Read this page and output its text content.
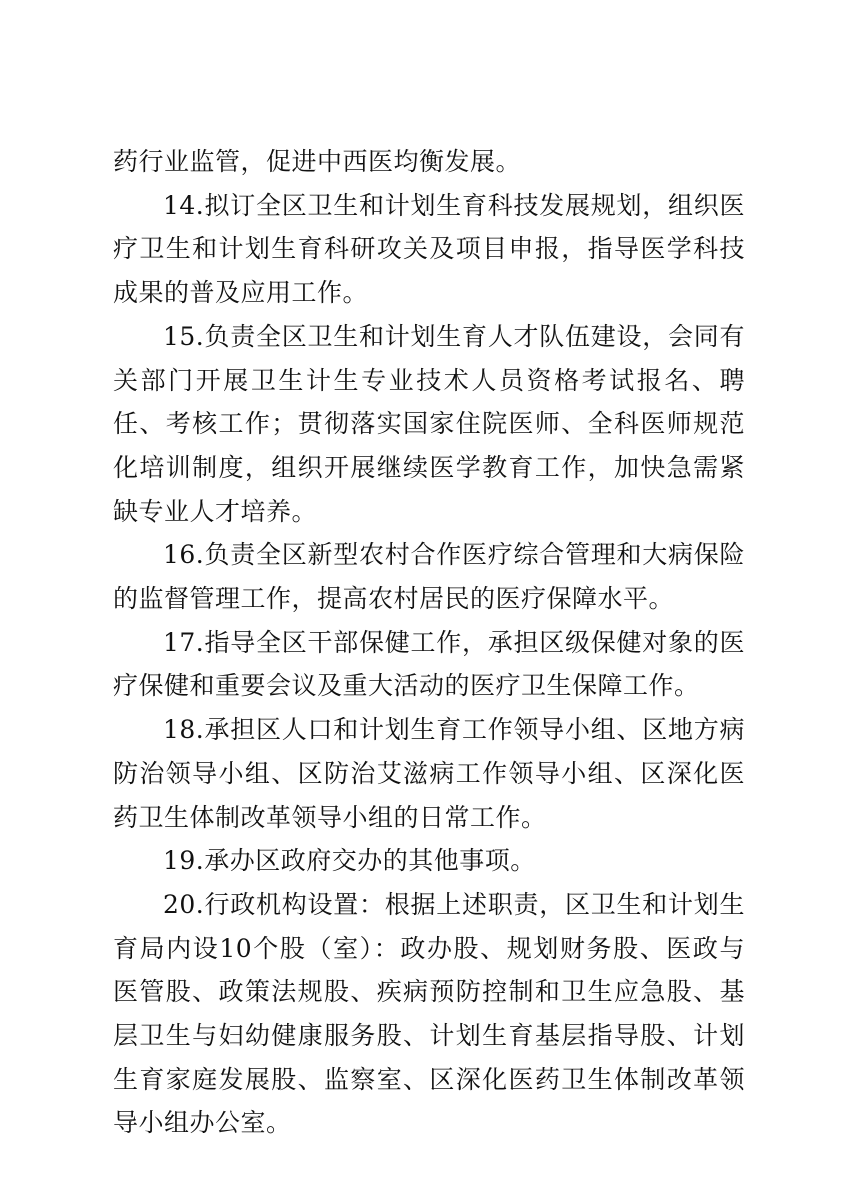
药行业监管，促进中西医均衡发展。

14.拟订全区卫生和计划生育科技发展规划，组织医疗卫生和计划生育科研攻关及项目申报，指导医学科技成果的普及应用工作。

15.负责全区卫生和计划生育人才队伍建设，会同有关部门开展卫生计生专业技术人员资格考试报名、聘任、考核工作；贯彻落实国家住院医师、全科医师规范化培训制度，组织开展继续医学教育工作，加快急需紧缺专业人才培养。

16.负责全区新型农村合作医疗综合管理和大病保险的监督管理工作，提高农村居民的医疗保障水平。

17.指导全区干部保健工作，承担区级保健对象的医疗保健和重要会议及重大活动的医疗卫生保障工作。

18.承担区人口和计划生育工作领导小组、区地方病防治领导小组、区防治艾滋病工作领导小组、区深化医药卫生体制改革领导小组的日常工作。

19.承办区政府交办的其他事项。

20.行政机构设置：根据上述职责，区卫生和计划生育局内设10个股（室）：政办股、规划财务股、医政与医管股、政策法规股、疾病预防控制和卫生应急股、基层卫生与妇幼健康服务股、计划生育基层指导股、计划生育家庭发展股、监察室、区深化医药卫生体制改革领导小组办公室。
